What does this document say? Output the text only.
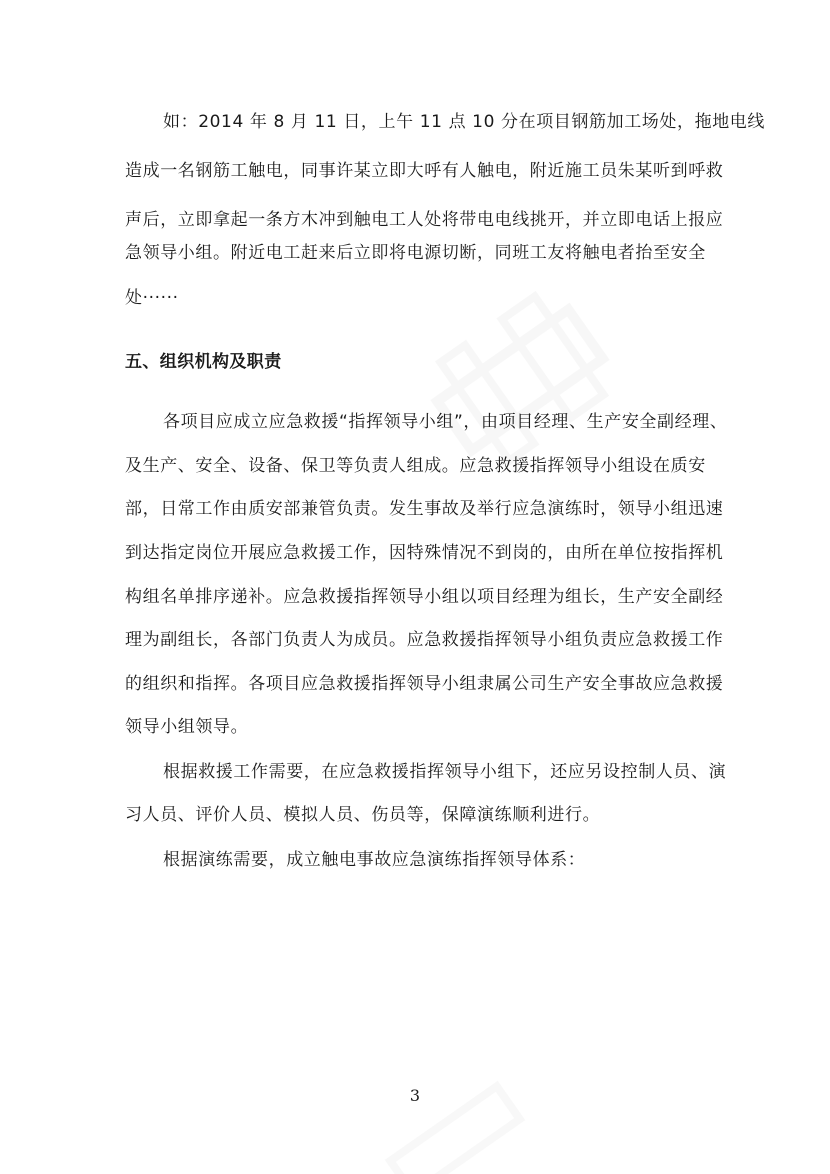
如：2014 年 8 月 11 日，上午 11 点 10 分在项目钢筋加工场处，拖地电线
造成一名钢筋工触电，同事许某立即大呼有人触电，附近施工员朱某听到呼救
声后，立即拿起一条方木冲到触电工人处将带电电线挑开，并立即电话上报应
急领导小组。附近电工赶来后立即将电源切断，同班工友将触电者抬至安全
处······
五、组织机构及职责
各项目应成立应急救援“指挥领导小组”，由项目经理、生产安全副经理、
及生产、安全、设备、保卫等负责人组成。应急救援指挥领导小组设在质安
部，日常工作由质安部兼管负责。发生事故及举行应急演练时，领导小组迅速
到达指定岗位开展应急救援工作，因特殊情况不到岗的，由所在单位按指挥机
构组名单排序递补。应急救援指挥领导小组以项目经理为组长，生产安全副经
理为副组长，各部门负责人为成员。应急救援指挥领导小组负责应急救援工作
的组织和指挥。各项目应急救援指挥领导小组隶属公司生产安全事故应急救援
领导小组领导。
根据救援工作需要，在应急救援指挥领导小组下，还应另设控制人员、演
习人员、评价人员、模拟人员、伤员等，保障演练顺利进行。
根据演练需要，成立触电事故应急演练指挥领导体系：
3
